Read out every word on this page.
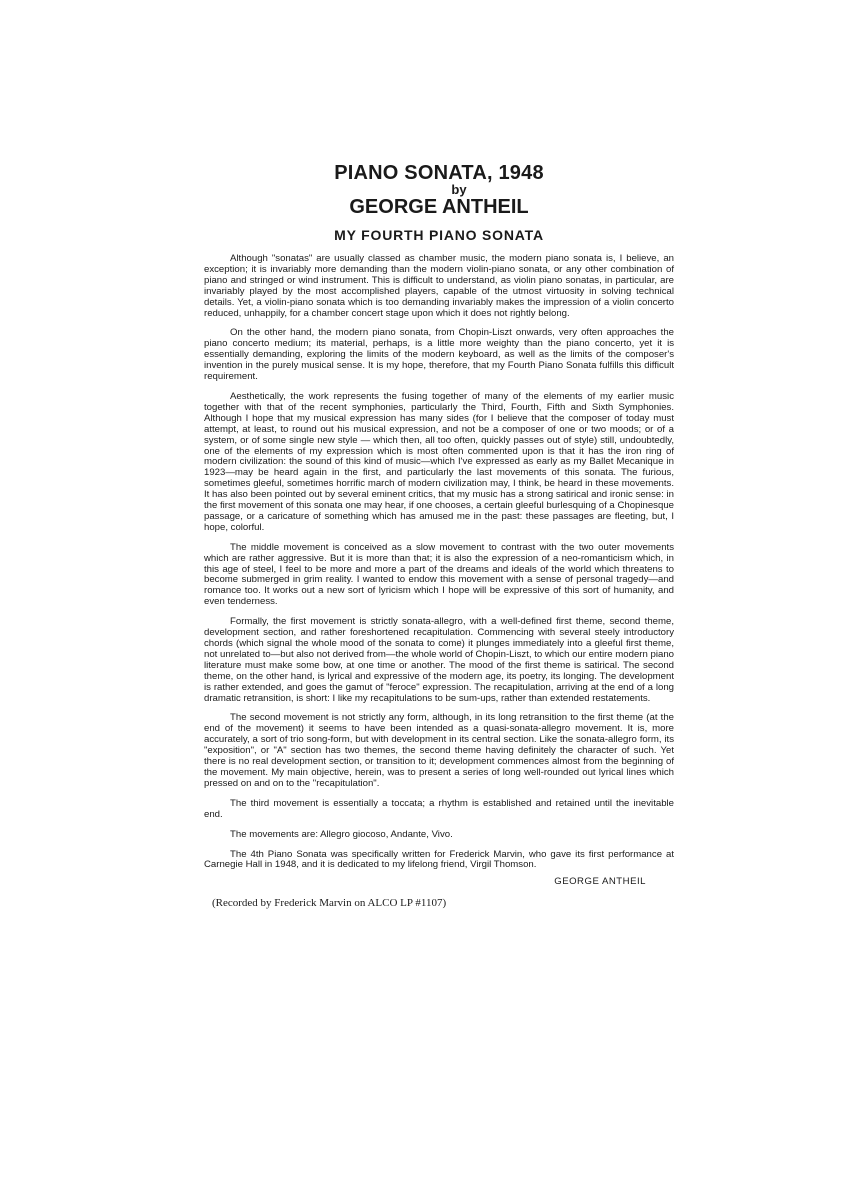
PIANO SONATA, 1948
by
GEORGE ANTHEIL
MY FOURTH PIANO SONATA

Although "sonatas" are usually classed as chamber music, the modern piano sonata is, I believe, an exception; it is invariably more demanding than the modern violin-piano sonata, or any other combination of piano and stringed or wind instrument. This is difficult to understand, as violin piano sonatas, in particular, are invariably played by the most accomplished players, capable of the utmost virtuosity in solving technical details. Yet, a violin-piano sonata which is too demanding invariably makes the impression of a violin concerto reduced, unhappily, for a chamber concert stage upon which it does not rightly belong.

On the other hand, the modern piano sonata, from Chopin-Liszt onwards, very often approaches the piano concerto medium; its material, perhaps, is a little more weighty than the piano concerto, yet it is essentially demanding, exploring the limits of the modern keyboard, as well as the limits of the composer's invention in the purely musical sense. It is my hope, therefore, that my Fourth Piano Sonata fulfills this difficult requirement.

Aesthetically, the work represents the fusing together of many of the elements of my earlier music together with that of the recent symphonies, particularly the Third, Fourth, Fifth and Sixth Symphonies. Although I hope that my musical expression has many sides (for I believe that the composer of today must attempt, at least, to round out his musical expression, and not be a composer of one or two moods; or of a system, or of some single new style — which then, all too often, quickly passes out of style) still, undoubtedly, one of the elements of my expression which is most often commented upon is that it has the iron ring of modern civilization: the sound of this kind of music—which I've expressed as early as my Ballet Mecanique in 1923—may be heard again in the first, and particularly the last movements of this sonata. The furious, sometimes gleeful, sometimes horrific march of modern civilization may, I think, be heard in these movements. It has also been pointed out by several eminent critics, that my music has a strong satirical and ironic sense: in the first movement of this sonata one may hear, if one chooses, a certain gleeful burlesquing of a Chopinesque passage, or a caricature of something which has amused me in the past: these passages are fleeting, but, I hope, colorful.

The middle movement is conceived as a slow movement to contrast with the two outer movements which are rather aggressive. But it is more than that; it is also the expression of a neo-romanticism which, in this age of steel, I feel to be more and more a part of the dreams and ideals of the world which threatens to become submerged in grim reality. I wanted to endow this movement with a sense of personal tragedy—and romance too. It works out a new sort of lyricism which I hope will be expressive of this sort of humanity, and even tenderness.

Formally, the first movement is strictly sonata-allegro, with a well-defined first theme, second theme, development section, and rather foreshortened recapitulation. Commencing with several steely introductory chords (which signal the whole mood of the sonata to come) it plunges immediately into a gleeful first theme, not unrelated to—but also not derived from—the whole world of Chopin-Liszt, to which our entire modern piano literature must make some bow, at one time or another. The mood of the first theme is satirical. The second theme, on the other hand, is lyrical and expressive of the modern age, its poetry, its longing. The development is rather extended, and goes the gamut of "feroce" expression. The recapitulation, arriving at the end of a long dramatic retransition, is short: I like my recapitulations to be sum-ups, rather than extended restatements.

The second movement is not strictly any form, although, in its long retransition to the first theme (at the end of the movement) it seems to have been intended as a quasi-sonata-allegro movement. It is, more accurately, a sort of trio song-form, but with development in its central section. Like the sonata-allegro form, its "exposition", or "A" section has two themes, the second theme having definitely the character of such. Yet there is no real development section, or transition to it; development commences almost from the beginning of the movement. My main objective, herein, was to present a series of long well-rounded out lyrical lines which pressed on and on to the "recapitulation".

The third movement is essentially a toccata; a rhythm is established and retained until the inevitable end.

The movements are: Allegro giocoso, Andante, Vivo.

The 4th Piano Sonata was specifically written for Frederick Marvin, who gave its first performance at Carnegie Hall in 1948, and it is dedicated to my lifelong friend, Virgil Thomson.

GEORGE ANTHEIL
(Recorded by Frederick Marvin on ALCO LP #1107)
